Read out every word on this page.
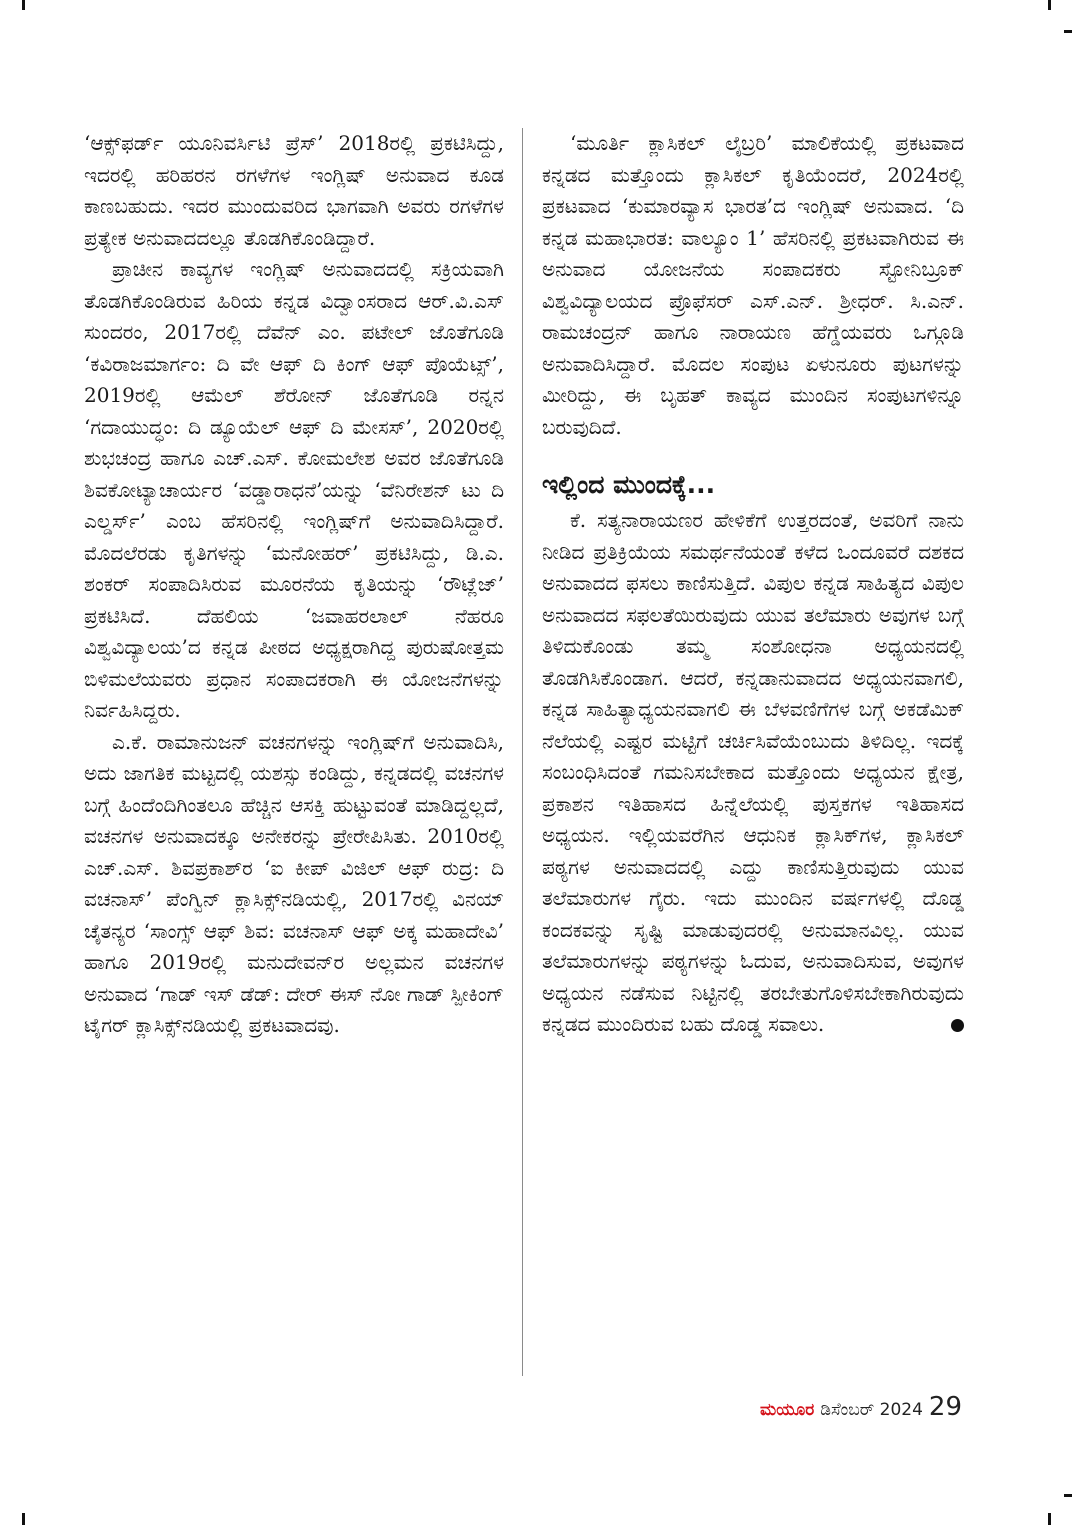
‘ಆಕ್ಸ್‌ಫರ್ಡ್ ಯೂನಿವರ್ಸಿಟಿ ಪ್ರೆಸ್’ 2018ರಲ್ಲಿ ಪ್ರಕಟಿಸಿದ್ದು, ಇದರಲ್ಲಿ ಹರಿಹರನ ರಗಳೆಗಳ ಇಂಗ್ಲಿಷ್ ಅನುವಾದ ಕೂಡ ಕಾಣಬಹುದು. ಇದರ ಮುಂದುವರಿದ ಭಾಗವಾಗಿ ಅವರು ರಗಳೆಗಳ ಪ್ರತ್ಯೇಕ ಅನುವಾದದಲ್ಲೂ ತೊಡಗಿಕೊಂಡಿದ್ದಾರೆ.

ಪ್ರಾಚೀನ ಕಾವ್ಯಗಳ ಇಂಗ್ಲಿಷ್ ಅನುವಾದದಲ್ಲಿ ಸಕ್ರಿಯವಾಗಿ ತೊಡಗಿಕೊಂಡಿರುವ ಹಿರಿಯ ಕನ್ನಡ ವಿದ್ವಾಂಸರಾದ ಆರ್.ವಿ.ಎಸ್ ಸುಂದರಂ, 2017ರಲ್ಲಿ ದೆವೆನ್ ಎಂ. ಪಟೇಲ್ ಜೊತೆಗೂಡಿ ‘ಕವಿರಾಜಮಾರ್ಗಂ: ದಿ ವೇ ಆಫ್ ದಿ ಕಿಂಗ್ ಆಫ್ ಪೊಯೆಟ್ಸ್’, 2019ರಲ್ಲಿ ಆಮೆಲ್ ಶೆರೋನ್ ಜೊತೆಗೂಡಿ ರನ್ನನ ‘ಗದಾಯುದ್ಧಂ: ದಿ ಡ್ಯೂಯೆಲ್ ಆಫ್ ದಿ ಮೇಸಸ್’, 2020ರಲ್ಲಿ ಶುಭಚಂದ್ರ ಹಾಗೂ ಎಚ್.ಎಸ್. ಕೋಮಲೇಶ ಅವರ ಜೊತೆಗೂಡಿ ಶಿವಕೋಟ್ಯಾಚಾರ್ಯರ ‘ವಡ್ಡಾರಾಧನೆ’ಯನ್ನು ‘ವೆನಿರೇಶನ್ ಟು ದಿ ಎಲ್ಡರ್ಸ್’ ಎಂಬ ಹೆಸರಿನಲ್ಲಿ ಇಂಗ್ಲಿಷ್‌ಗೆ ಅನುವಾದಿಸಿದ್ದಾರೆ. ಮೊದಲೆರಡು ಕೃತಿಗಳನ್ನು ‘ಮನೋಹರ್’ ಪ್ರಕಟಿಸಿದ್ದು, ಡಿ.ಎ. ಶಂಕರ್ ಸಂಪಾದಿಸಿರುವ ಮೂರನೆಯ ಕೃತಿಯನ್ನು ‘ರೌಟ್ಲೆಜ್’ ಪ್ರಕಟಿಸಿದೆ. ದೆಹಲಿಯ ‘ಜವಾಹರಲಾಲ್ ನೆಹರೂ ವಿಶ್ವವಿದ್ಯಾಲಯ’ದ ಕನ್ನಡ ಪೀಠದ ಅಧ್ಯಕ್ಷರಾಗಿದ್ದ ಪುರುಷೋತ್ತಮ ಬಿಳಿಮಲೆಯವರು ಪ್ರಧಾನ ಸಂಪಾದಕರಾಗಿ ಈ ಯೋಜನೆಗಳನ್ನು ನಿರ್ವಹಿಸಿದ್ದರು.

ಎ.ಕೆ. ರಾಮಾನುಜನ್ ವಚನಗಳನ್ನು ಇಂಗ್ಲಿಷ್‌ಗೆ ಅನುವಾದಿಸಿ, ಅದು ಜಾಗತಿಕ ಮಟ್ಟದಲ್ಲಿ ಯಶಸ್ಸು ಕಂಡಿದ್ದು, ಕನ್ನಡದಲ್ಲಿ ವಚನಗಳ ಬಗ್ಗೆ ಹಿಂದೆಂದಿಗಿಂತಲೂ ಹೆಚ್ಚಿನ ಆಸಕ್ತಿ ಹುಟ್ಟುವಂತೆ ಮಾಡಿದ್ದಲ್ಲದೆ, ವಚನಗಳ ಅನುವಾದಕ್ಕೂ ಅನೇಕರನ್ನು ಪ್ರೇರೇಪಿಸಿತು. 2010ರಲ್ಲಿ ಎಚ್.ಎಸ್. ಶಿವಪ್ರಕಾಶ್‌ರ ‘ಐ ಕೀಪ್ ವಿಜಿಲ್ ಆಫ್ ರುದ್ರ: ದಿ ವಚನಾಸ್’ ಪೆಂಗ್ವಿನ್ ಕ್ಲಾಸಿಕ್ಸ್‌ನಡಿಯಲ್ಲಿ, 2017ರಲ್ಲಿ ವಿನಯ್ ಚೈತನ್ಯರ ‘ಸಾಂಗ್ಸ್ ಆಫ್ ಶಿವ: ವಚನಾಸ್ ಆಫ್ ಅಕ್ಕ ಮಹಾದೇವಿ’ ಹಾಗೂ 2019ರಲ್ಲಿ ಮನುದೇವನ್‌ರ ಅಲ್ಲಮನ ವಚನಗಳ ಅನುವಾದ ‘ಗಾಡ್ ಇಸ್ ಡೆಡ್: ದೇರ್ ಈಸ್ ನೋ ಗಾಡ್ ಸ್ಪೀಕಿಂಗ್ ಟೈಗರ್ ಕ್ಲಾಸಿಕ್ಸ್‌ನಡಿಯಲ್ಲಿ ಪ್ರಕಟವಾದವು.

‘ಮೂರ್ತಿ ಕ್ಲಾಸಿಕಲ್ ಲೈಬ್ರರಿ’ ಮಾಲಿಕೆಯಲ್ಲಿ ಪ್ರಕಟವಾದ ಕನ್ನಡದ ಮತ್ತೊಂದು ಕ್ಲಾಸಿಕಲ್ ಕೃತಿಯೆಂದರೆ, 2024ರಲ್ಲಿ ಪ್ರಕಟವಾದ ‘ಕುಮಾರವ್ಯಾಸ ಭಾರತ’ದ ಇಂಗ್ಲಿಷ್ ಅನುವಾದ. ‘ದಿ ಕನ್ನಡ ಮಹಾಭಾರತ: ವಾಲ್ಯೂಂ 1’ ಹೆಸರಿನಲ್ಲಿ ಪ್ರಕಟವಾಗಿರುವ ಈ ಅನುವಾದ ಯೋಜನೆಯ ಸಂಪಾದಕರು ಸ್ಟೋನಿಬ್ರೂಕ್ ವಿಶ್ವವಿದ್ಯಾಲಯದ ಪ್ರೊಫೆಸರ್ ಎಸ್.ಎನ್. ಶ್ರೀಧರ್. ಸಿ.ಎನ್. ರಾಮಚಂದ್ರನ್ ಹಾಗೂ ನಾರಾಯಣ ಹೆಗ್ಡೆಯವರು ಒಗ್ಗೂಡಿ ಅನುವಾದಿಸಿದ್ದಾರೆ. ಮೊದಲ ಸಂಪುಟ ಏಳುನೂರು ಪುಟಗಳನ್ನು ಮೀರಿದ್ದು, ಈ ಬೃಹತ್ ಕಾವ್ಯದ ಮುಂದಿನ ಸಂಪುಟಗಳಿನ್ನೂ ಬರುವುದಿದೆ.

ಇಲ್ಲಿಂದ ಮುಂದಕ್ಕೆ...

ಕೆ. ಸತ್ಯನಾರಾಯಣರ ಹೇಳಿಕೆಗೆ ಉತ್ತರದಂತೆ, ಅವರಿಗೆ ನಾನು ನೀಡಿದ ಪ್ರತಿಕ್ರಿಯೆಯ ಸಮರ್ಥನೆಯಂತೆ ಕಳೆದ ಒಂದೂವರೆ ದಶಕದ ಅನುವಾದದ ಫಸಲು ಕಾಣಿಸುತ್ತಿದೆ. ವಿಪುಲ ಕನ್ನಡ ಸಾಹಿತ್ಯದ ವಿಪುಲ ಅನುವಾದದ ಸಫಲತೆಯಿರುವುದು ಯುವ ತಲೆಮಾರು ಅವುಗಳ ಬಗ್ಗೆ ತಿಳಿದುಕೊಂಡು ತಮ್ಮ ಸಂಶೋಧನಾ ಅಧ್ಯಯನದಲ್ಲಿ ತೊಡಗಿಸಿಕೊಂಡಾಗ. ಆದರೆ, ಕನ್ನಡಾನುವಾದದ ಅಧ್ಯಯನವಾಗಲಿ, ಕನ್ನಡ ಸಾಹಿತ್ಯಾಧ್ಯಯನವಾಗಲಿ ಈ ಬೆಳವಣಿಗೆಗಳ ಬಗ್ಗೆ ಅಕಡೆಮಿಕ್ ನೆಲೆಯಲ್ಲಿ ಎಷ್ಟರ ಮಟ್ಟಿಗೆ ಚರ್ಚಿಸಿವೆಯೆಂಬುದು ತಿಳಿದಿಲ್ಲ. ಇದಕ್ಕೆ ಸಂಬಂಧಿಸಿದಂತೆ ಗಮನಿಸಬೇಕಾದ ಮತ್ತೊಂದು ಅಧ್ಯಯನ ಕ್ಷೇತ್ರ, ಪ್ರಕಾಶನ ಇತಿಹಾಸದ ಹಿನ್ನೆಲೆಯಲ್ಲಿ ಪುಸ್ತಕಗಳ ಇತಿಹಾಸದ ಅಧ್ಯಯನ. ಇಲ್ಲಿಯವರೆಗಿನ ಆಧುನಿಕ ಕ್ಲಾಸಿಕ್‌ಗಳ, ಕ್ಲಾಸಿಕಲ್ ಪಠ್ಯಗಳ ಅನುವಾದದಲ್ಲಿ ಎದ್ದು ಕಾಣಿಸುತ್ತಿರುವುದು ಯುವ ತಲೆಮಾರುಗಳ ಗೈರು. ಇದು ಮುಂದಿನ ವರ್ಷಗಳಲ್ಲಿ ದೊಡ್ಡ ಕಂದಕವನ್ನು ಸೃಷ್ಟಿ ಮಾಡುವುದರಲ್ಲಿ ಅನುಮಾನವಿಲ್ಲ. ಯುವ ತಲೆಮಾರುಗಳನ್ನು ಪಠ್ಯಗಳನ್ನು ಓದುವ, ಅನುವಾದಿಸುವ, ಅವುಗಳ ಅಧ್ಯಯನ ನಡೆಸುವ ನಿಟ್ಟಿನಲ್ಲಿ ತರಬೇತುಗೊಳಿಸಬೇಕಾಗಿರುವುದು ಕನ್ನಡದ ಮುಂದಿರುವ ಬಹು ದೊಡ್ಡ ಸವಾಲು.

ಮಯೂರ ಡಿಸೆಂಬರ್ 2024 29
